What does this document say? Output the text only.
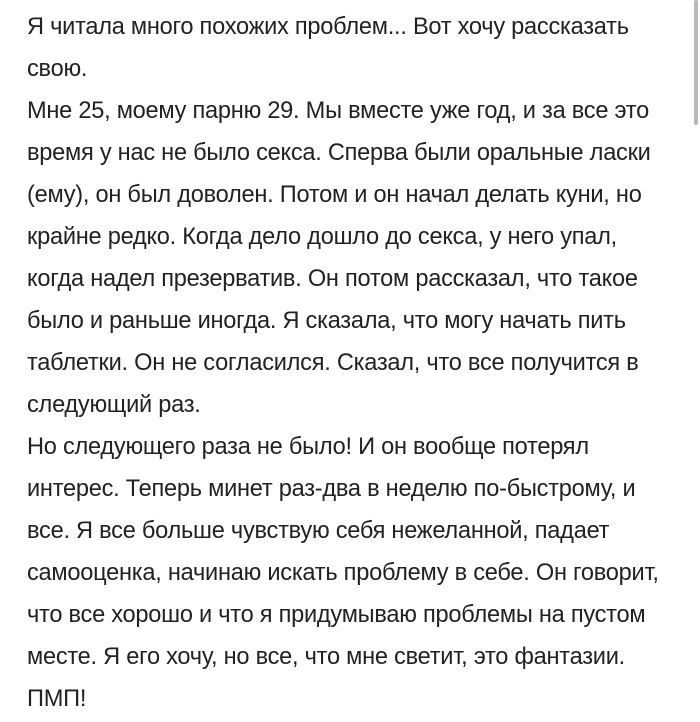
Я читала много похожих проблем... Вот хочу рассказать свою.
Мне 25, моему парню 29. Мы вместе уже год, и за все это время у нас не было секса. Сперва были оральные ласки (ему), он был доволен. Потом и он начал делать куни, но крайне редко. Когда дело дошло до секса, у него упал, когда надел презерватив. Он потом рассказал, что такое было и раньше иногда. Я сказала, что могу начать пить таблетки. Он не согласился. Сказал, что все получится в следующий раз.
Но следующего раза не было! И он вообще потерял интерес. Теперь минет раз-два в неделю по-быстрому, и все. Я все больше чувствую себя нежеланной, падает самооценка, начинаю искать проблему в себе. Он говорит, что все хорошо и что я придумываю проблемы на пустом месте. Я его хочу, но все, что мне светит, это фантазии. ПМП!
